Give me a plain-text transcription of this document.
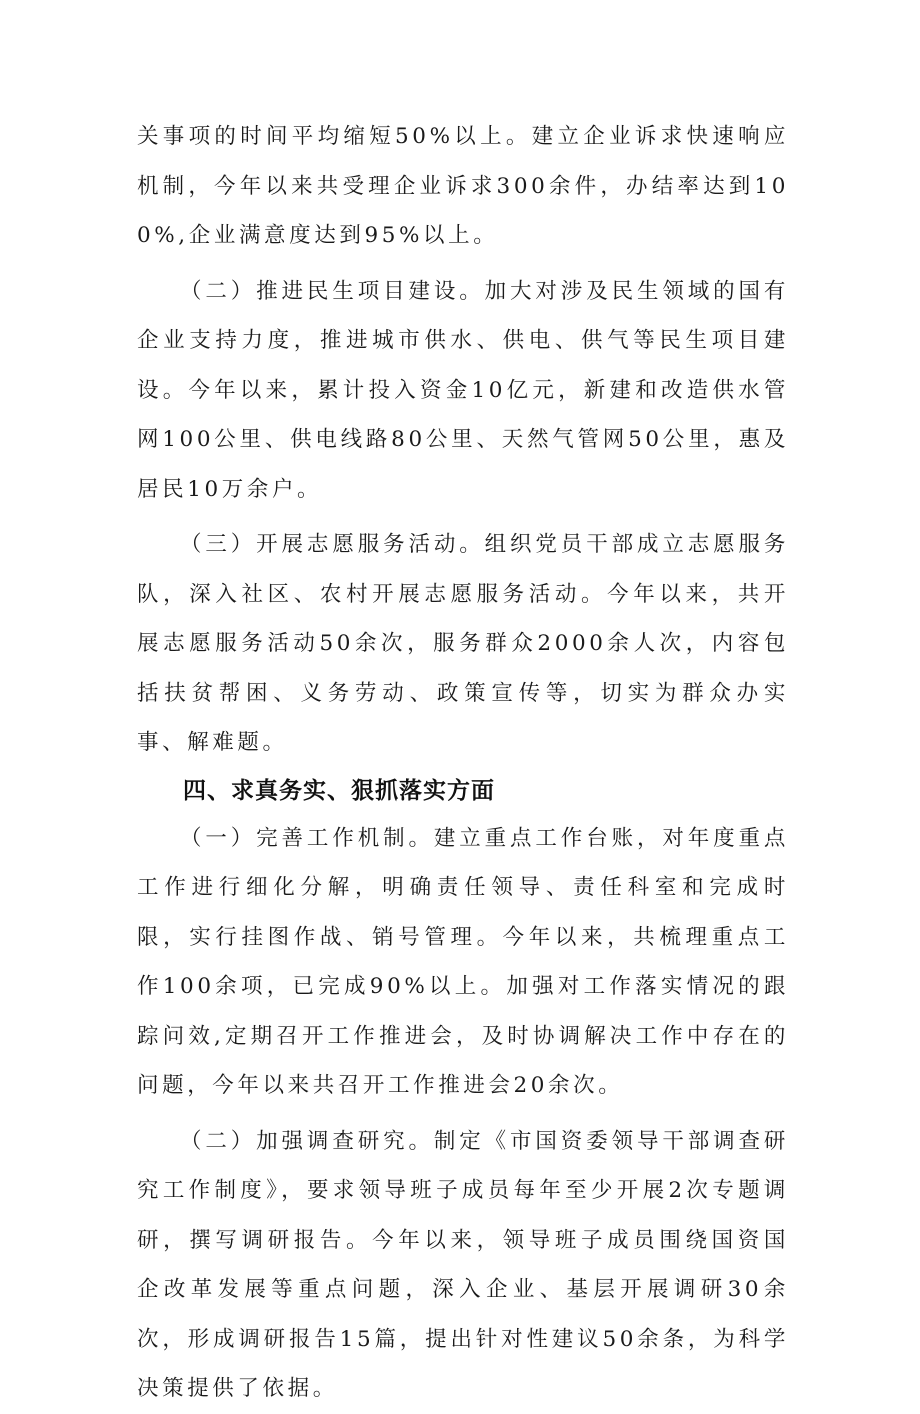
关事项的时间平均缩短50%以上。建立企业诉求快速响应机制，今年以来共受理企业诉求300余件，办结率达到100%,企业满意度达到95%以上。

（二）推进民生项目建设。加大对涉及民生领域的国有企业支持力度，推进城市供水、供电、供气等民生项目建设。今年以来，累计投入资金10亿元，新建和改造供水管网100公里、供电线路80公里、天然气管网50公里，惠及居民10万余户。

（三）开展志愿服务活动。组织党员干部成立志愿服务队，深入社区、农村开展志愿服务活动。今年以来，共开展志愿服务活动50余次，服务群众2000余人次，内容包括扶贫帮困、义务劳动、政策宣传等，切实为群众办实事、解难题。

四、求真务实、狠抓落实方面

（一）完善工作机制。建立重点工作台账，对年度重点工作进行细化分解，明确责任领导、责任科室和完成时限，实行挂图作战、销号管理。今年以来，共梳理重点工作100余项，已完成90%以上。加强对工作落实情况的跟踪问效,定期召开工作推进会，及时协调解决工作中存在的问题，今年以来共召开工作推进会20余次。

（二）加强调查研究。制定《市国资委领导干部调查研究工作制度》，要求领导班子成员每年至少开展2次专题调研，撰写调研报告。今年以来，领导班子成员围绕国资国企改革发展等重点问题，深入企业、基层开展调研30余次，形成调研报告15篇，提出针对性建议50余条，为科学决策提供了依据。
